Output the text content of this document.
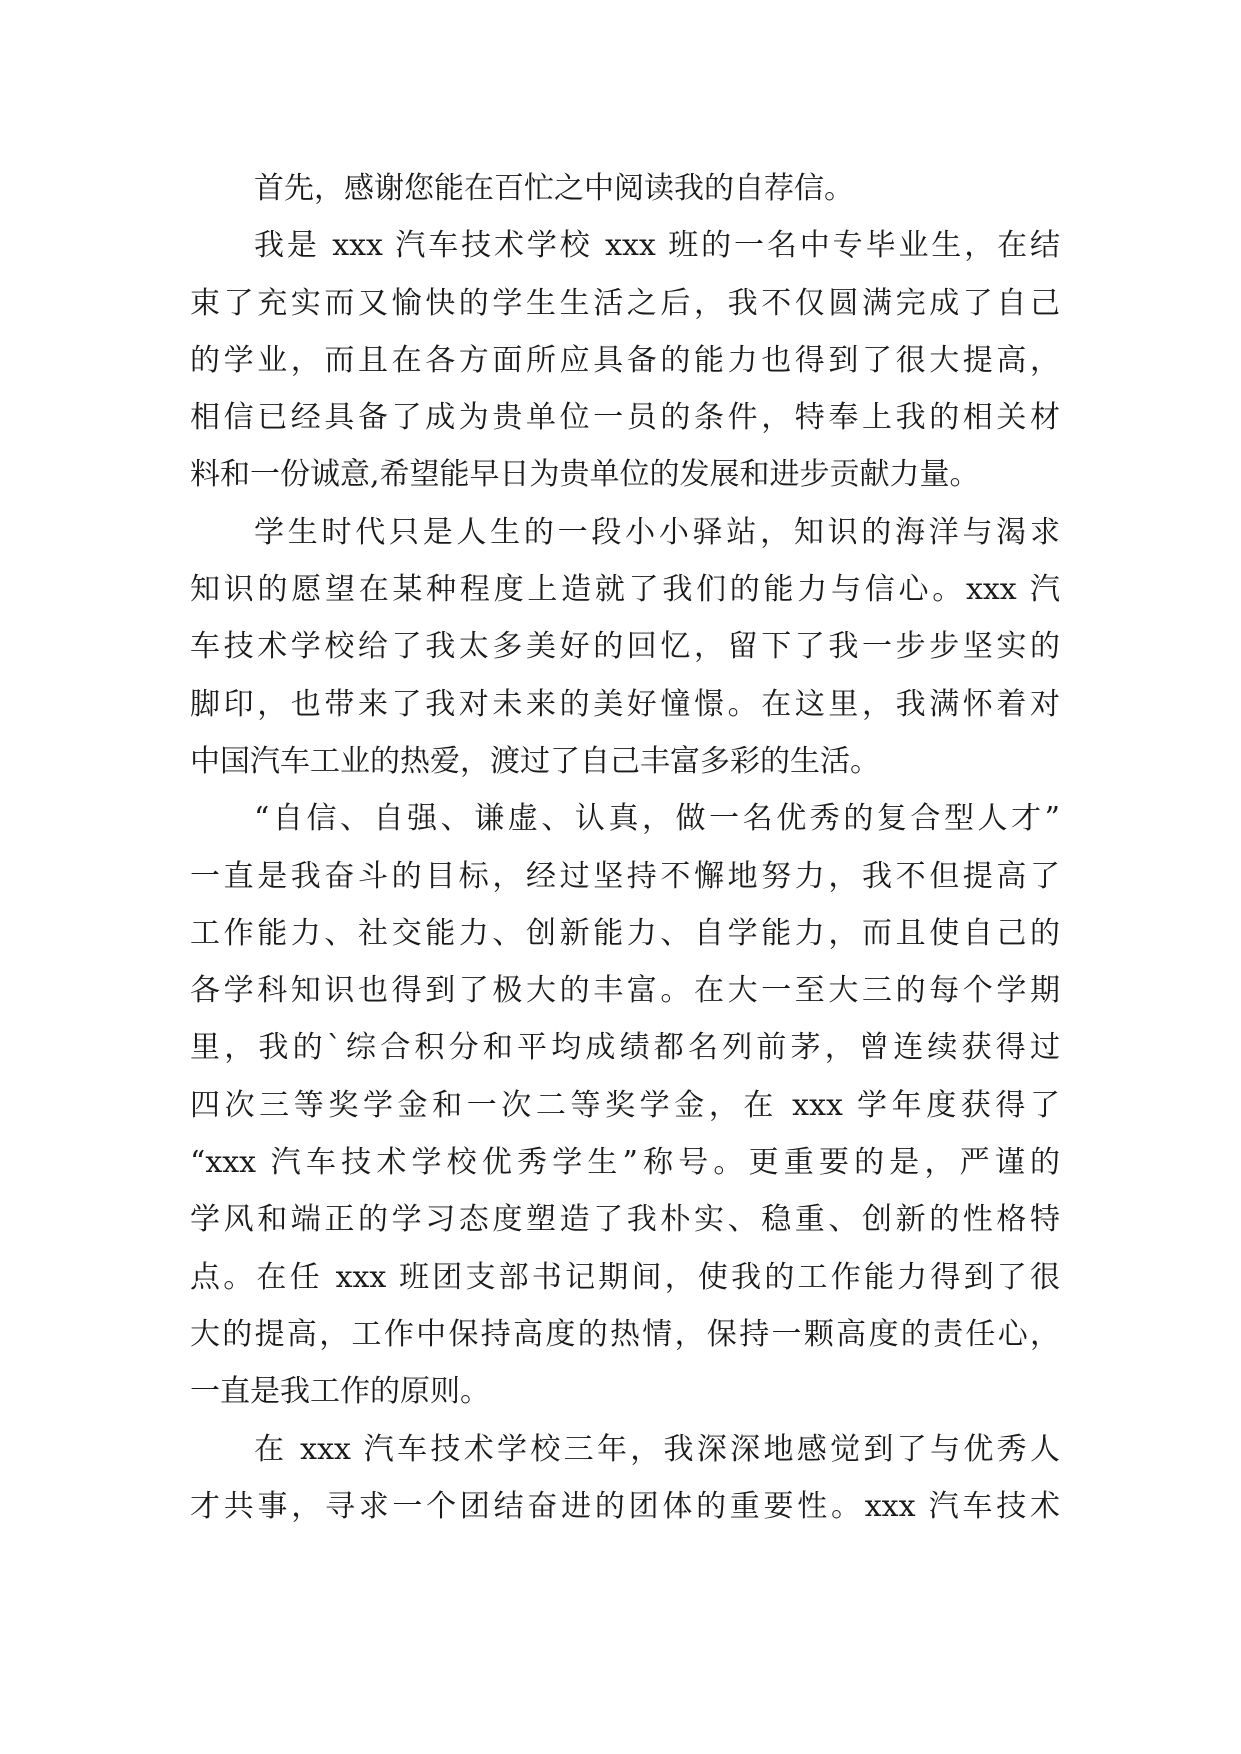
首先，感谢您能在百忙之中阅读我的自荐信。
我是 xxx 汽车技术学校 xxx 班的一名中专毕业生，在结
束了充实而又愉快的学生生活之后，我不仅圆满完成了自己
的学业，而且在各方面所应具备的能力也得到了很大提高，
相信已经具备了成为贵单位一员的条件，特奉上我的相关材
料和一份诚意,希望能早日为贵单位的发展和进步贡献力量。
学生时代只是人生的一段小小驿站，知识的海洋与渴求
知识的愿望在某种程度上造就了我们的能力与信心。xxx 汽
车技术学校给了我太多美好的回忆，留下了我一步步坚实的
脚印，也带来了我对未来的美好憧憬。在这里，我满怀着对
中国汽车工业的热爱，渡过了自己丰富多彩的生活。
“自信、自强、谦虚、认真，做一名优秀的复合型人才”
一直是我奋斗的目标，经过坚持不懈地努力，我不但提高了
工作能力、社交能力、创新能力、自学能力，而且使自己的
各学科知识也得到了极大的丰富。在大一至大三的每个学期
里，我的`综合积分和平均成绩都名列前茅，曾连续获得过
四次三等奖学金和一次二等奖学金，在 xxx 学年度获得了
“xxx 汽车技术学校优秀学生”称号。更重要的是，严谨的
学风和端正的学习态度塑造了我朴实、稳重、创新的性格特
点。在任 xxx 班团支部书记期间，使我的工作能力得到了很
大的提高，工作中保持高度的热情，保持一颗高度的责任心，
一直是我工作的原则。
在 xxx 汽车技术学校三年，我深深地感觉到了与优秀人
才共事，寻求一个团结奋进的团体的重要性。xxx 汽车技术
